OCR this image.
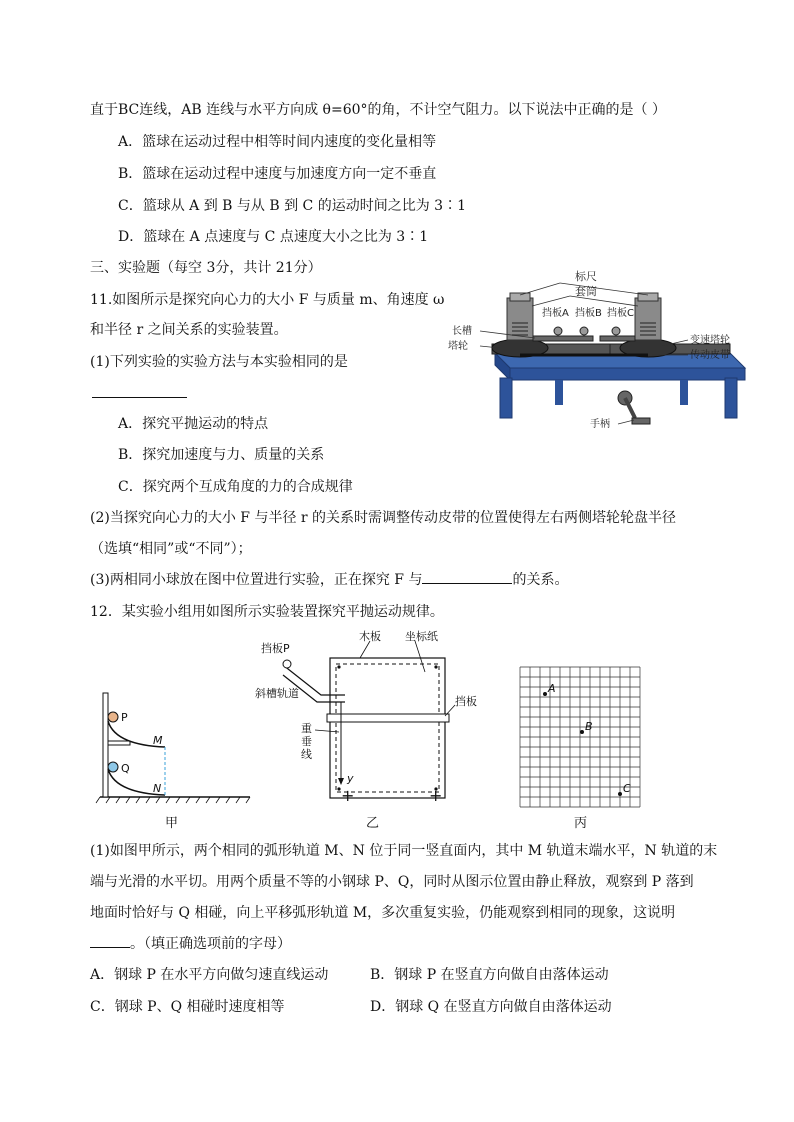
直于BC连线，AB 连线与水平方向成 θ=60°的角，不计空气阻力。以下说法中正确的是（ ）
A．篮球在运动过程中相等时间内速度的变化量相等
B．篮球在运动过程中速度与加速度方向一定不垂直
C．篮球从 A 到 B 与从 B 到 C 的运动时间之比为 3∶1
D．篮球在 A 点速度与 C 点速度大小之比为 3∶1
三、实验题（每空 3分，共计 21分）
11.如图所示是探究向心力的大小 F 与质量 m、角速度 ω
和半径 r 之间关系的实验装置。
(1)下列实验的实验方法与本实验相同的是
A．探究平抛运动的特点
B．探究加速度与力、质量的关系
C．探究两个互成角度的力的合成规律
(2)当探究向心力的大小 F 与半径 r 的关系时需调整传动皮带的位置使得左右两侧塔轮轮盘半径
（选填“相同”或“不同”）；
(3)两相同小球放在图中位置进行实验，正在探究 F 与	的关系。
标尺
套筒
挡板A 挡板B 挡板C
长槽
塔轮
变速塔轮
传动皮带
手柄
12．某实验小组用如图所示实验装置探究平抛运动规律。
P
Q
M
N
甲
+	+
挡板P
木板 坐标纸
斜槽轨道
挡板
重
垂
线
y
乙
A
B
C
丙
(1)如图甲所示，两个相同的弧形轨道 M、N 位于同一竖直面内，其中 M 轨道末端水平，N 轨道的末
端与光滑的水平切。用两个质量不等的小钢球 P、Q，同时从图示位置由静止释放，观察到 P 落到
地面时恰好与 Q 相碰，向上平移弧形轨道 M，多次重复实验，仍能观察到相同的现象，这说明
。（填正确选项前的字母）
A．钢球 P 在水平方向做匀速直线运动	B．钢球 P 在竖直方向做自由落体运动
C．钢球 P、Q 相碰时速度相等	D．钢球 Q 在竖直方向做自由落体运动
